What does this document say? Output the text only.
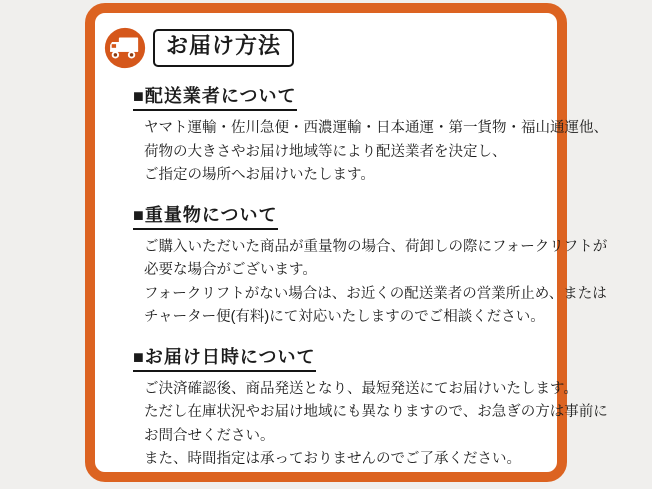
お届け方法
■配送業者について
ヤマト運輸・佐川急便・西濃運輸・日本通運・第一貨物・福山通運他、
荷物の大きさやお届け地域等により配送業者を決定し、
ご指定の場所へお届けいたします。
■重量物について
ご購入いただいた商品が重量物の場合、荷卸しの際にフォークリフトが
必要な場合がございます。
フォークリフトがない場合は、お近くの配送業者の営業所止め、または
チャーター便(有料)にて対応いたしますのでご相談ください。
■お届け日時について
ご決済確認後、商品発送となり、最短発送にてお届けいたします。
ただし在庫状況やお届け地域にも異なりますので、お急ぎの方は事前に
お問合せください。
また、時間指定は承っておりませんのでご了承ください。
